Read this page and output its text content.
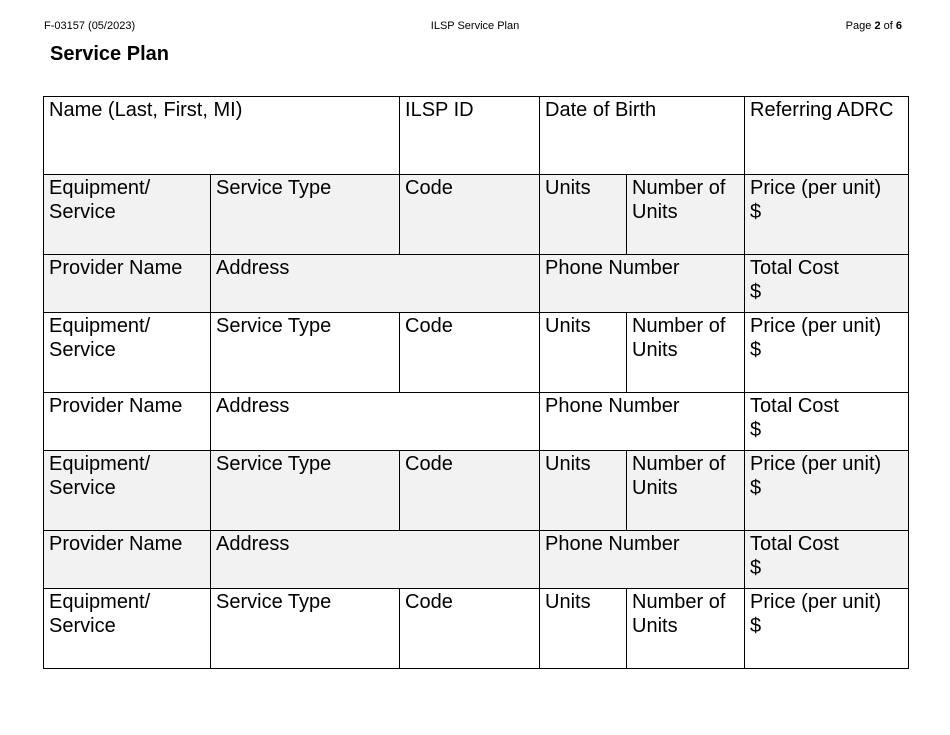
F-03157 (05/2023)	ILSP Service Plan	Page 2 of 6
Service Plan
Name (Last, First, MI)		ILSP ID	Date of Birth		Referring ADRC

Equipment/ Service	Service Type	Code	Units	Number of Units	Price (per unit)
$

Provider Name	Address		Phone Number		Total Cost
$

Equipment/ Service	Service Type	Code	Units	Number of Units	Price (per unit)
$

Provider Name	Address		Phone Number		Total Cost
$

Equipment/ Service	Service Type	Code	Units	Number of Units	Price (per unit)
$

Provider Name	Address		Phone Number		Total Cost
$

Equipment/ Service	Service Type	Code	Units	Number of Units	Price (per unit)
$
